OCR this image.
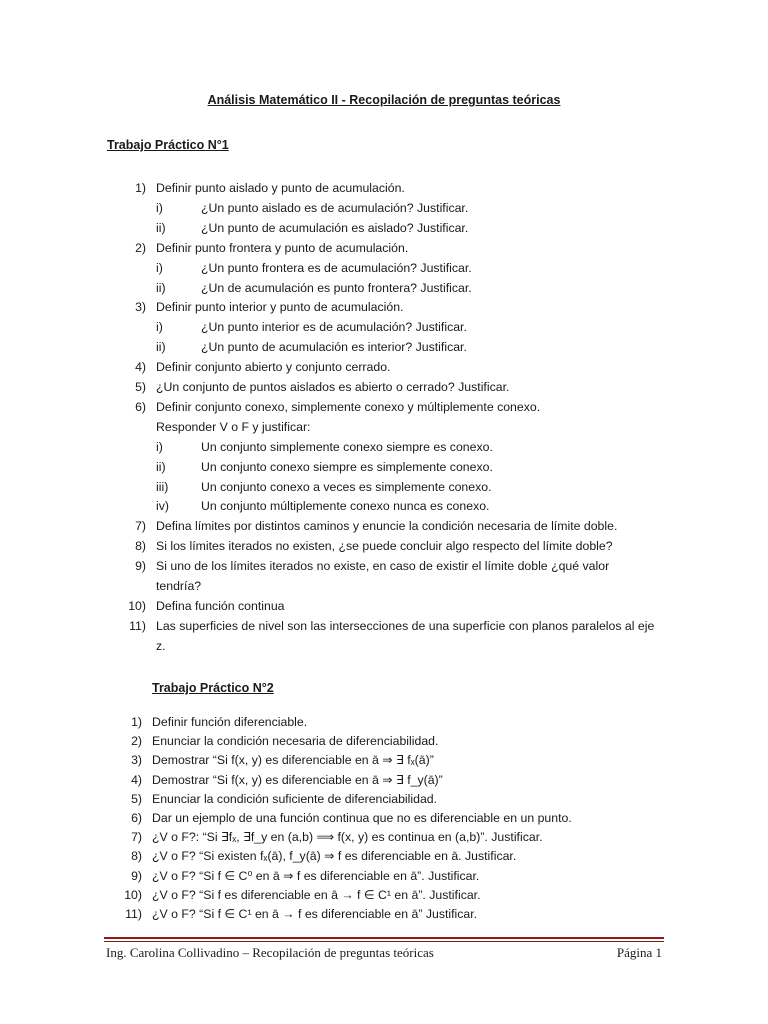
Análisis Matemático II - Recopilación de preguntas teóricas
Trabajo Práctico N°1
1) Definir punto aislado y punto de acumulación.
i)	¿Un punto aislado es de acumulación? Justificar.
ii)	¿Un punto de acumulación es aislado? Justificar.
2) Definir punto frontera y punto de acumulación.
i)	¿Un punto frontera es de acumulación? Justificar.
ii)	¿Un de acumulación es punto frontera? Justificar.
3) Definir punto interior y punto de acumulación.
i)	¿Un punto interior es de acumulación? Justificar.
ii)	¿Un punto de acumulación es interior? Justificar.
4) Definir conjunto abierto y conjunto cerrado.
5) ¿Un conjunto de puntos aislados es abierto o cerrado? Justificar.
6) Definir conjunto conexo, simplemente conexo y múltiplemente conexo.
Responder V o F y justificar:
i)	Un conjunto simplemente conexo siempre es conexo.
ii)	Un conjunto conexo siempre es simplemente conexo.
iii)	Un conjunto conexo a veces es simplemente conexo.
iv)	Un conjunto múltiplemente conexo nunca es conexo.
7) Defina límites por distintos caminos y enuncie la condición necesaria de límite doble.
8) Si los límites iterados no existen, ¿se puede concluir algo respecto del límite doble?
9) Si uno de los límites iterados no existe, en caso de existir el límite doble ¿qué valor
tendría?
10) Defina función continua
11) Las superficies de nivel son las intersecciones de una superficie con planos paralelos al eje
z.
Trabajo Práctico N°2
1) Definir función diferenciable.
2) Enunciar la condición necesaria de diferenciabilidad.
3) Demostrar “Si f(x, y) es diferenciable en ā ⇒ ∃ fₓ(ā)”
4) Demostrar “Si f(x, y) es diferenciable en ā ⇒ ∃ f_y(ā)”
5) Enunciar la condición suficiente de diferenciabilidad.
6) Dar un ejemplo de una función continua que no es diferenciable en un punto.
7) ¿V o F?: “Si ∃fₓ, ∃f_y en (a,b) ⟹ f(x, y) es continua en (a,b)”. Justificar.
8) ¿V o F? “Si existen fₓ(ā), f_y(ā) ⇒ f es diferenciable en ā. Justificar.
9) ¿V o F? “Si f ∈ C⁰ en ā ⇒ f es diferenciable en ā”. Justificar.
10) ¿V o F? “Si f es diferenciable en ā → f ∈ C¹ en ā”. Justificar.
11) ¿V o F? “Si f ∈ C¹ en ā → f es diferenciable en ā” Justificar.
Ing. Carolina Collivadino – Recopilación de preguntas teóricas	Página 1
